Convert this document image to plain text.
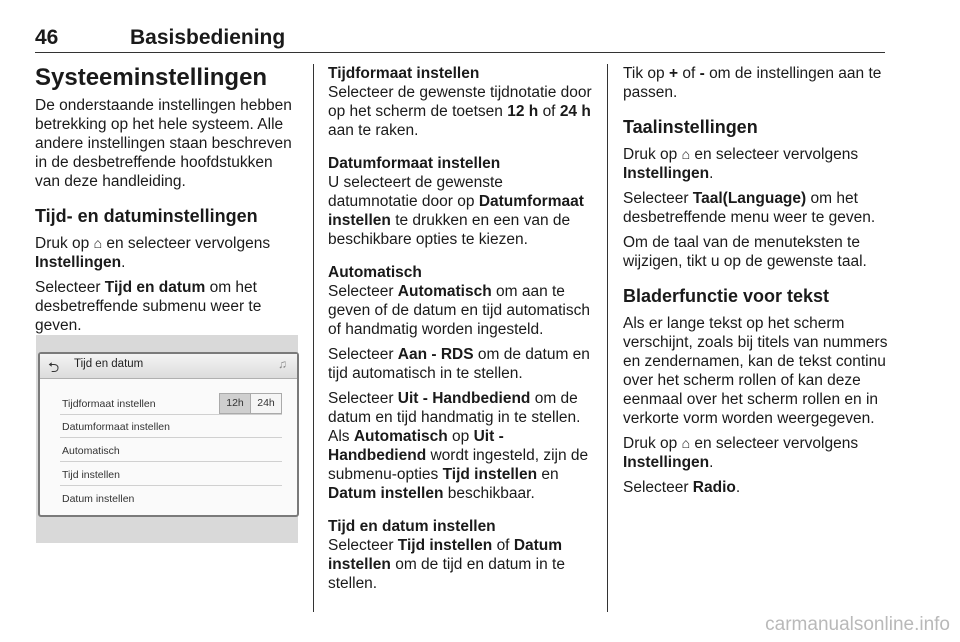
46	Basisbediening
Systeeminstellingen

De onderstaande instellingen hebben betrekking op het hele systeem. Alle andere instellingen staan beschreven in de desbetreffende hoofdstukken van deze handleiding.

Tijd- en datuminstellingen

Druk op ⌂ en selecteer vervolgens Instellingen.

Selecteer Tijd en datum om het desbetreffende submenu weer te geven.

⮌ Tijd en datum	♫
Tijdformaat instellen	12h	24h
Datumformaat instellen
Automatisch
Tijd instellen
Datum instellen

Tijdformaat instellen
Selecteer de gewenste tijdnotatie door op het scherm de toetsen 12 h of 24 h aan te raken.

Datumformaat instellen
U selecteert de gewenste datumnotatie door op Datumformaat instellen te drukken en een van de beschikbare opties te kiezen.

Automatisch
Selecteer Automatisch om aan te geven of de datum en tijd automatisch of handmatig worden ingesteld.

Selecteer Aan - RDS om de datum en tijd automatisch in te stellen.

Selecteer Uit - Handbediend om de datum en tijd handmatig in te stellen. Als Automatisch op Uit - Handbediend wordt ingesteld, zijn de submenu-opties Tijd instellen en Datum instellen beschikbaar.

Tijd en datum instellen
Selecteer Tijd instellen of Datum instellen om de tijd en datum in te stellen.

Tik op + of - om de instellingen aan te passen.

Taalinstellingen

Druk op ⌂ en selecteer vervolgens Instellingen.

Selecteer Taal(Language) om het desbetreffende menu weer te geven.

Om de taal van de menuteksten te wijzigen, tikt u op de gewenste taal.

Bladerfunctie voor tekst

Als er lange tekst op het scherm verschijnt, zoals bij titels van nummers en zendernamen, kan de tekst continu over het scherm rollen of kan deze eenmaal over het scherm rollen en in verkorte vorm worden weergegeven.

Druk op ⌂ en selecteer vervolgens Instellingen.

Selecteer Radio.

carmanualsonline.info
